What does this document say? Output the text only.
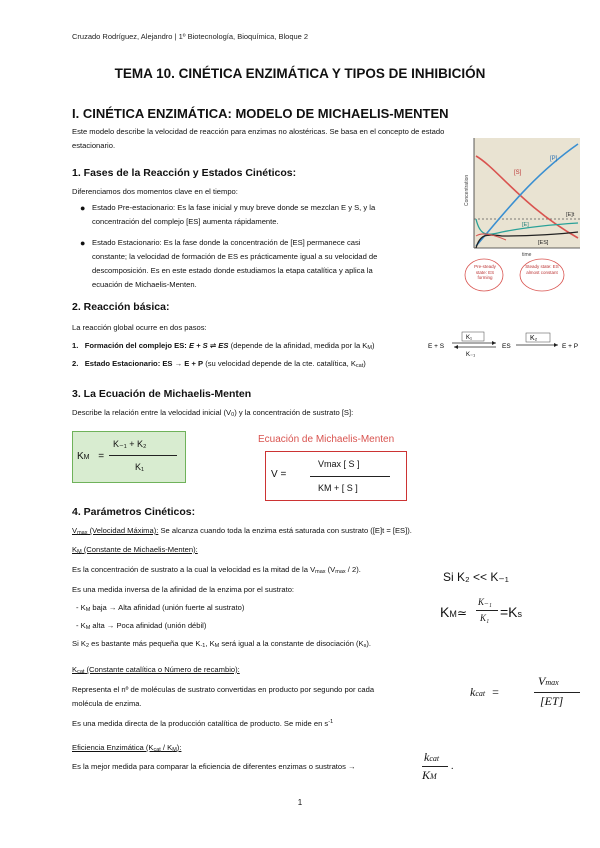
Cruzado Rodríguez, Alejandro | 1º Biotecnología, Bioquímica, Bloque 2
TEMA 10. CINÉTICA ENZIMÁTICA Y TIPOS DE INHIBICIÓN
I. CINÉTICA ENZIMÁTICA: MODELO DE MICHAELIS-MENTEN
Este modelo describe la velocidad de reacción para enzimas no alostéricas. Se basa en el concepto de estado
estacionario.
1. Fases de la Reacción y Estados Cinéticos:
Diferenciamos dos momentos clave en el tiempo:
● Estado Pre-estacionario: Es la fase inicial y muy breve donde se mezclan E y S, y la
concentración del complejo [ES] aumenta rápidamente.
● Estado Estacionario: Es la fase donde la concentración de [ES] permanece casi
constante; la velocidad de formación de ES es prácticamente igual a su velocidad de
descomposición. Es en este estado donde estudiamos la etapa catalítica y aplica la
ecuación de Michaelis-Menten.
Concentration
time
[S]
[P]
[E]t
[E]
[ES]
Pre-steady state: ES forming
Steady state: ES almost constant
2. Reacción básica:
La reacción global ocurre en dos pasos:
1. Formación del complejo ES: E + S ⇌ ES (depende de la afinidad, medida por la KM)
2. Estado Estacionario: ES → E + P (su velocidad depende de la cte. catalítica, Kcat)
E + S
K₁
K₋₁
ES
K₂
E + P
3. La Ecuación de Michaelis-Menten
Describe la relación entre la velocidad inicial (V0) y la concentración de sustrato [S]:
KM =
K₋₁ + K₂
K₁
Ecuación de Michaelis-Menten
V =
Vmax [ S ]
KM + [ S ]
4. Parámetros Cinéticos:
Vmax (Velocidad Máxima): Se alcanza cuando toda la enzima está saturada con sustrato ([E]t = [ES]).
KM (Constante de Michaelis-Menten):
Es la concentración de sustrato a la cual la velocidad es la mitad de la Vmax (Vmax / 2).
Es una medida inversa de la afinidad de la enzima por el sustrato:
- KM baja → Alta afinidad (unión fuerte al sustrato)
- KM alta → Poca afinidad (unión débil)
Si K2 es bastante más pequeña que K-1, KM será igual a la constante de disociación (Ks).
Si K₂ << K₋₁
KM≃
K₋₁
K₁ =Ks
Kcat (Constante catalítica o Número de recambio):
Representa el nº de moléculas de sustrato convertidas en producto por segundo por cada
molécula de enzima.
Es una medida directa de la producción catalítica de producto. Se mide en $s^{-1}$
kcat =
Vmax
[ET]
Eficiencia Enzimática (Kcat / KM):
Es la mejor medida para comparar la eficiencia de diferentes enzimas o sustratos →
kcat
KM
.
1
